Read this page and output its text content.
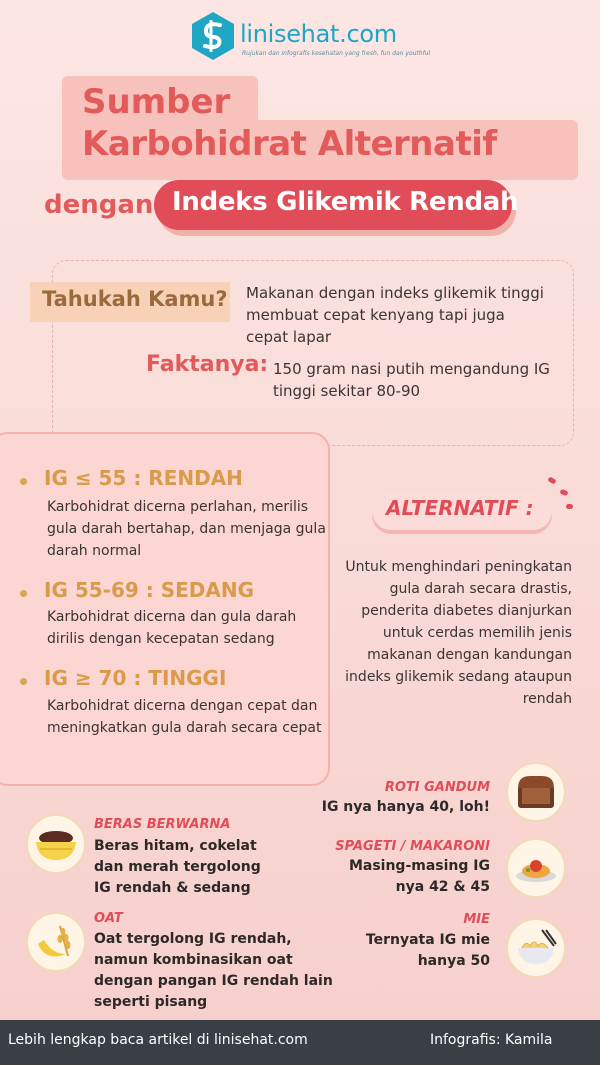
linisehat.com
Rujukan dan infografis kesehatan yang fresh, fun dan youthful
Sumber
Karbohidrat Alternatif
dengan Indeks Glikemik Rendah
Tahukah Kamu? Makanan dengan indeks glikemik tinggi membuat cepat kenyang tapi juga cepat lapar
Faktanya: 150 gram nasi putih mengandung IG tinggi sekitar 80-90
IG ≤ 55 : RENDAH
Karbohidrat dicerna perlahan, merilis gula darah bertahap, dan menjaga gula darah normal
IG 55-69 : SEDANG
Karbohidrat dicerna dan gula darah dirilis dengan kecepatan sedang
IG ≥ 70 : TINGGI
Karbohidrat dicerna dengan cepat dan meningkatkan gula darah secara cepat
ALTERNATIF :
Untuk menghindari peningkatan gula darah secara drastis, penderita diabetes dianjurkan untuk cerdas memilih jenis makanan dengan kandungan indeks glikemik sedang ataupun rendah
ROTI GANDUM
IG nya hanya 40, loh!
SPAGETI / MAKARONI
Masing-masing IG nya 42 & 45
MIE
Ternyata IG mie hanya 50
BERAS BERWARNA
Beras hitam, cokelat dan merah tergolong IG rendah & sedang
OAT
Oat tergolong IG rendah, namun kombinasikan oat dengan pangan IG rendah lain seperti pisang
Lebih lengkap baca artikel di linisehat.com	Infografis: Kamila
